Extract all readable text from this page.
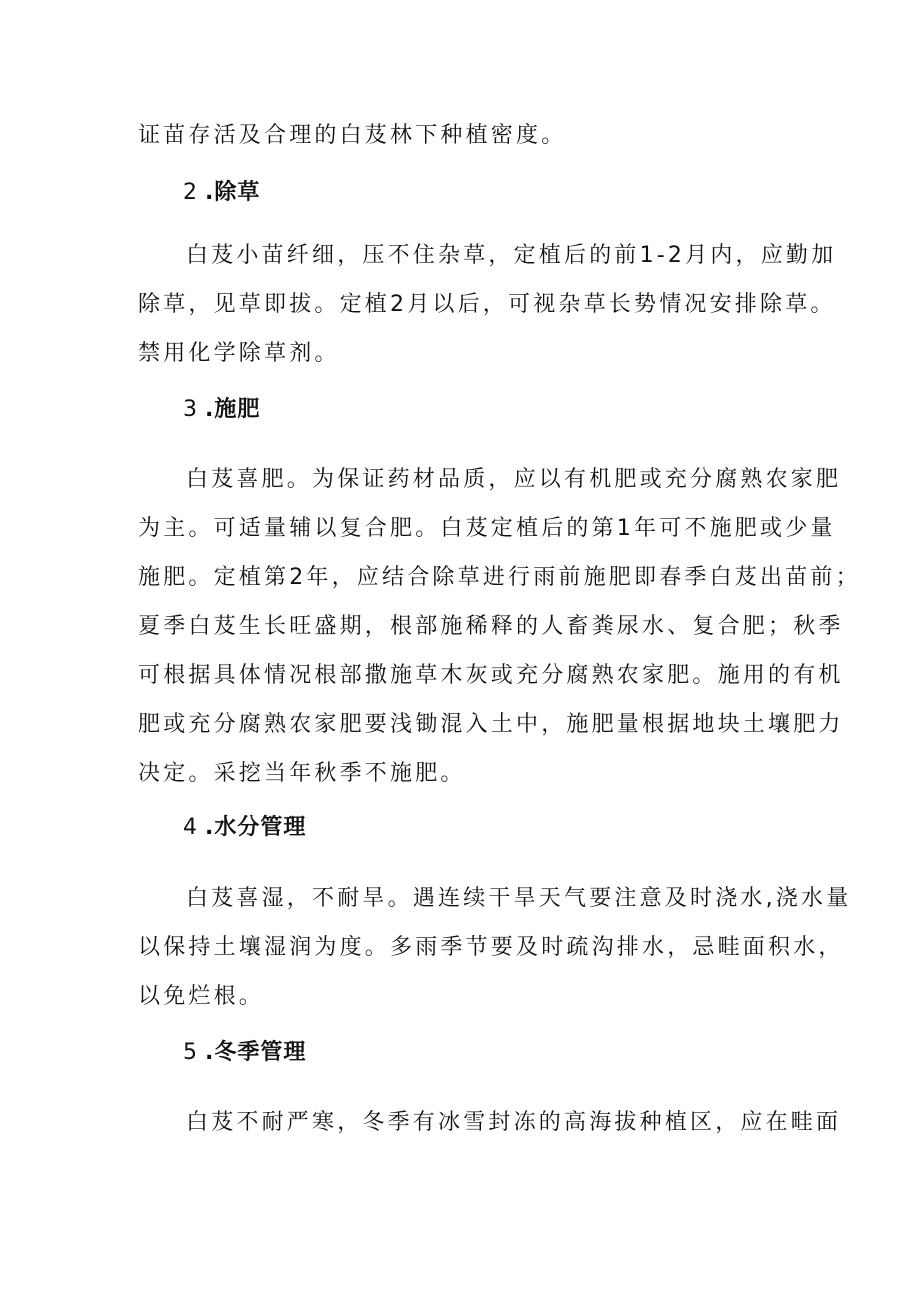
证苗存活及合理的白芨林下种植密度。
2 .除草
白芨小苗纤细，压不住杂草，定植后的前1-2月内，应勤加
除草，见草即拔。定植2月以后，可视杂草长势情况安排除草。
禁用化学除草剂。
3 .施肥
白芨喜肥。为保证药材品质，应以有机肥或充分腐熟农家肥
为主。可适量辅以复合肥。白芨定植后的第1年可不施肥或少量
施肥。定植第2年，应结合除草进行雨前施肥即春季白芨出苗前；
夏季白芨生长旺盛期，根部施稀释的人畜粪尿水、复合肥；秋季
可根据具体情况根部撒施草木灰或充分腐熟农家肥。施用的有机
肥或充分腐熟农家肥要浅锄混入土中，施肥量根据地块土壤肥力
决定。采挖当年秋季不施肥。
4 .水分管理
白芨喜湿，不耐旱。遇连续干旱天气要注意及时浇水,浇水量
以保持土壤湿润为度。多雨季节要及时疏沟排水，忌畦面积水，
以免烂根。
5 .冬季管理
白芨不耐严寒，冬季有冰雪封冻的高海拔种植区，应在畦面
